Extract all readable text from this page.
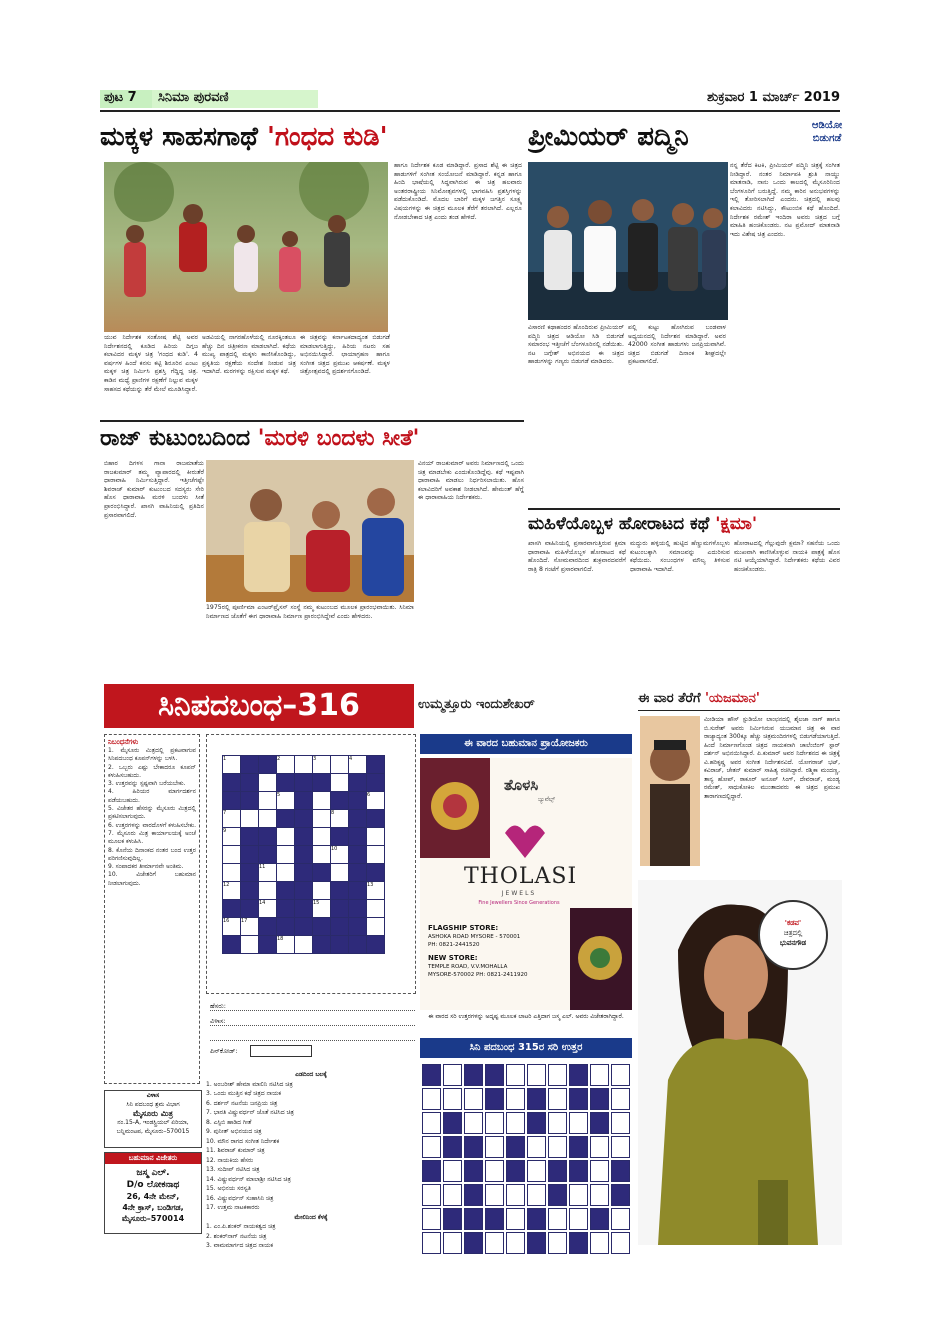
ಪುಟ 7	ಸಿನಿಮಾ ಪುರವಣಿ	ಶುಕ್ರವಾರ 1 ಮಾರ್ಚ್ 2019
ಮಕ್ಕಳ ಸಾಹಸಗಾಥೆ 'ಗಂಧದ ಕುಡಿ'
ಯುವ ನಿರ್ದೇಶಕ ಸಂತೋಷ ಶೆಟ್ಟಿ ಅವರ ನಿರ್ದೇಶನದಲ್ಲಿ ಕೂಡಿದ ಹಿರಿಯ ದಿಗ್ಗಜ ಕಲಾವಿದರ ಮಕ್ಕಳ ಚಿತ್ರ 'ಗಂಧದ ಕುಡಿ'. 4 ವರ್ಷಗಳ ಹಿಂದೆ ಕನಸು ಕಟ್ಟಿ ಶಿರೂರಿನ ಎಂಟು ಮಕ್ಕಳ ಚಿತ್ರ ನಿರ್ಮಿಸಿ ಪ್ರಶಸ್ತಿ ಗೆದ್ದಿದ್ದ ಚಿತ್ರ. ಕಾಡಿನ ಮಧ್ಯೆ ಪ್ರಾಣಿಗಳ ರಕ್ಷಣೆಗೆ ನಿಲ್ಲುವ ಮಕ್ಕಳ ಸಾಹಸದ ಕಥೆಯನ್ನು ತೆರೆ ಮೇಲೆ ಮೂಡಿಸಿದ್ದಾರೆ.
ಅಡವಿಯಲ್ಲಿ ನಾಗರಹೊಳೆಯಲ್ಲಿ ನೂರಕ್ಕಿಂತಲೂ ಹೆಚ್ಚು ದಿನ ಚಿತ್ರೀಕರಣ ಮಾಡಲಾಗಿದೆ. ಕಥೆಯ ಮುಖ್ಯ ಪಾತ್ರದಲ್ಲಿ ಮಕ್ಕಳು ಕಾಣಿಸಿಕೊಂಡಿದ್ದು, ಪ್ರಕೃತಿಯ ರಕ್ಷಣೆಯ ಸಂದೇಶ ನೀಡುವ ಚಿತ್ರ ಇದಾಗಿದೆ. ಮರಗಳನ್ನು ರಕ್ಷಿಸುವ ಮಕ್ಕಳ ಕಥೆ.
ಈ ಚಿತ್ರವನ್ನು ಕರ್ನಾಟಕದಾದ್ಯಂತ ಬಿಡುಗಡೆ ಮಾಡಲಾಗುತ್ತಿದ್ದು, ಹಿರಿಯ ನಟರು ಸಹ ಅಭಿನಯಿಸಿದ್ದಾರೆ. ಛಾಯಾಗ್ರಹಣ ಹಾಗೂ ಸಂಗೀತ ಚಿತ್ರದ ಪ್ರಮುಖ ಆಕರ್ಷಣೆ. ಮಕ್ಕಳ ಚಿತ್ರೋತ್ಸವದಲ್ಲಿ ಪ್ರದರ್ಶನಗೊಂಡಿದೆ.
ಹಾಗೂ ನಿರ್ದೇಶಕ ಕೂಡ ಮಾಡಿದ್ದಾರೆ. ಪ್ರಸಾದ ಶೆಟ್ಟಿ ಈ ಚಿತ್ರದ ಹಾಡುಗಳಿಗೆ ಸಂಗೀತ ಸಂಯೋಜನೆ ಮಾಡಿದ್ದಾರೆ. ಕನ್ನಡ ಹಾಗೂ ಹಿಂದಿ ಭಾಷೆಯಲ್ಲಿ ಸಿದ್ಧವಾಗಿರುವ ಈ ಚಿತ್ರ ಹಲವಾರು ಅಂತರರಾಷ್ಟ್ರೀಯ ಸಿನಿಮೋತ್ಸವಗಳಲ್ಲಿ ಭಾಗವಹಿಸಿ ಪ್ರಶಸ್ತಿಗಳನ್ನು ಪಡೆದುಕೊಂಡಿದೆ. ಮೊದಲ ಬಾರಿಗೆ ಮಕ್ಕಳ ಜಗತ್ತಿನ ಸೂಕ್ಷ್ಮ ವಿಷಯಗಳನ್ನು ಈ ಚಿತ್ರದ ಮೂಲಕ ತೆರೆಗೆ ತರಲಾಗಿದೆ. ಎಲ್ಲರೂ ನೋಡಬೇಕಾದ ಚಿತ್ರ ಎಂದು ತಂಡ ಹೇಳಿದೆ.
ಪ್ರೀಮಿಯರ್ ಪದ್ಮಿನಿ	ಆಡಿಯೋ
ಬಿಡುಗಡೆ
ನನ್ನ ತೆರೆದ ಕಿಟಕಿ, ಪ್ರೀಮಿಯರ್ ಪದ್ಮಿನಿ ಚಿತ್ರಕ್ಕೆ ಸಂಗೀತ ನೀಡಿದ್ದಾರೆ. ನಂತರ ನಿರ್ಮಾಪಕಿ ಶ್ರುತಿ ನಾಯ್ಡು ಮಾತನಾಡಿ, ನಾನು ಒಂದು ಕಾಲದಲ್ಲಿ ಮೈಸೂರಿನಿಂದ ಬೆಂಗಳೂರಿಗೆ ಬರುತ್ತಿದ್ದೆ. ನಮ್ಮ ಕಾರಿನ ಅನುಭವಗಳನ್ನು ಇಲ್ಲಿ ತೋರಿಸಲಾಗಿದೆ ಎಂದರು. ಚಿತ್ರದಲ್ಲಿ ಹಲವು ಕಲಾವಿದರು ನಟಿಸಿದ್ದು, ಕೌಟುಂಬಿಕ ಕಥೆ ಹೊಂದಿದೆ. ನಿರ್ದೇಶಕ ರಮೇಶ್ ಇಂದಿರಾ ಅವರು ಚಿತ್ರದ ಬಗ್ಗೆ ಮಾಹಿತಿ ಹಂಚಿಕೊಂಡರು. ನಟ ಪ್ರಮೋದ್ ಮಾತನಾಡಿ ಇದು ವಿಶೇಷ ಚಿತ್ರ ಎಂದರು.
ವಿಸಾರಣಿ ಕಥಾಹಂದರ ಹೊಂದಿರುವ ಪ್ರೀಮಿಯರ್ ಪದ್ಮಿನಿ ಚಿತ್ರದ ಆಡಿಯೋ ಸಿಡಿ ಬಿಡುಗಡೆ ಸಮಾರಂಭ ಇತ್ತೀಚೆಗೆ ಬೆಂಗಳೂರಿನಲ್ಲಿ ನಡೆಯಿತು. ನಟ ಜಗ್ಗೇಶ್ ಅಭಿನಯದ ಈ ಚಿತ್ರದ ಹಾಡುಗಳನ್ನು ಗಣ್ಯರು ಬಿಡುಗಡೆ ಮಾಡಿದರು.
ಪಲ್ಲಿ ಕುಟ್ಟು ಹೋಗಿರುವ ಬಂಡವಾಳ ಅಧ್ಯಯನದಲ್ಲಿ ನಿರ್ದೇಶನ ಮಾಡಿದ್ದಾರೆ. ಅವರ 42000 ಸಂಗೀತ ಹಾಡುಗಳು ಜನಪ್ರಿಯವಾಗಿವೆ. ಚಿತ್ರದ ಬಿಡುಗಡೆ ದಿನಾಂಕ ಶೀಘ್ರದಲ್ಲೇ ಪ್ರಕಟವಾಗಲಿದೆ.
ರಾಜ್ ಕುಟುಂಬದಿಂದ 'ಮರಳಿ ಬಂದಳು ಸೀತೆ'
ಬಿಹಾರ ದಿಗಳಸ ಗಾನಾ ರಾಜಮಾತೆಯ ರಾಜಕುಮಾರ್ ತಮ್ಮ ವ್ಯಾಪಾರದಲ್ಲಿ ಕೀರುತೆರೆ ಧಾರಾವಾಹಿ ನಿರ್ಮಿಸುತ್ತಿದ್ದಾರೆ. ಇತ್ತೀಚೆಗಷ್ಟೇ ಶಿವರಾಜ್ ಕುಮಾರ್ ಕುಟುಂಬದ ಸದಸ್ಯರು ಸೇರಿ ಹೊಸ ಧಾರಾವಾಹಿ ಮರಳಿ ಬಂದಳು ಸೀತೆ ಪ್ರಾರಂಭಿಸಿದ್ದಾರೆ. ಖಾಸಗಿ ವಾಹಿನಿಯಲ್ಲಿ ಪ್ರತಿದಿನ ಪ್ರಸಾರವಾಗಲಿದೆ.
1975ರಲ್ಲಿ ಪೂರ್ಣಿಮಾ ಎಂಟರ್‌ಪ್ರೈಸಸ್ ಸಂಸ್ಥೆ ನಮ್ಮ ಕುಟುಂಬದ ಮೂಲಕ ಪ್ರಾರಂಭವಾಯಿತು. ಸಿನಿಮಾ ನಿರ್ಮಾಣದ ಜೊತೆಗೆ ಈಗ ಧಾರಾವಾಹಿ ನಿರ್ಮಾಣ ಪ್ರಾರಂಭಿಸಿದ್ದೇವೆ ಎಂದು ಹೇಳಿದರು.
ವಿನಯ್ ರಾಜಕುಮಾರ್ ಅವರು ನಿರ್ಮಾಣದಲ್ಲಿ ಒಂದು ಚಿತ್ರ ಮಾಡಬೇಕು ಎಂದುಕೊಂಡಿದ್ದೆವು. ಕಥೆ ಇಷ್ಟವಾಗಿ ಧಾರಾವಾಹಿ ಮಾಡಲು ನಿರ್ಧರಿಸಲಾಯಿತು. ಹೊಸ ಕಲಾವಿದರಿಗೆ ಅವಕಾಶ ನೀಡಲಾಗಿದೆ. ಹೇಮಂತ್ ಹೆಗ್ಡೆ ಈ ಧಾರಾವಾಹಿಯ ನಿರ್ದೇಶಕರು.
ಮಹಿಳೆಯೊಬ್ಬಳ ಹೋರಾಟದ ಕಥೆ 'ಕ್ಷಮಾ'
ಖಾಸಗಿ ವಾಹಿನಿಯಲ್ಲಿ ಪ್ರಸಾರವಾಗುತ್ತಿರುವ ಕ್ಷಮಾ ಧಾರಾವಾಹಿ ಮಹಿಳೆಯೊಬ್ಬಳ ಹೋರಾಟದ ಕಥೆ ಹೊಂದಿದೆ. ಸೋಮವಾರದಿಂದ ಶುಕ್ರವಾರದವರೆಗೆ ರಾತ್ರಿ 8 ಗಂಟೆಗೆ ಪ್ರಸಾರವಾಗಲಿದೆ.
ಮದ್ದುರು ಹಳ್ಳಿಯಲ್ಲಿ ಹುಟ್ಟಿದ ಹೆಣ್ಣುಮಗಳೊಬ್ಬಳು ಕುಟುಂಬಕ್ಕಾಗಿ ಸಮಾಜವನ್ನು ಎದುರಿಸುವ ಕಥೆಯಿದು. ಸಂಬಂಧಗಳ ಮೌಲ್ಯ ತಿಳಿಸುವ ಧಾರಾವಾಹಿ ಇದಾಗಿದೆ.
ಹೋರಾಟದಲ್ಲಿ ಗೆಲ್ಲುವುದೇ ಕ್ಷಮಾ? ಸಹನೆಯ ಒಂದು ಮುಖವಾಗಿ ಕಾಣಿಸಿಕೊಳ್ಳುವ ನಾಯಕಿ ಪಾತ್ರಕ್ಕೆ ಹೊಸ ನಟಿ ಆಯ್ಕೆಯಾಗಿದ್ದಾರೆ. ನಿರ್ದೇಶಕರು ಕಥೆಯ ವಿವರ ಹಂಚಿಕೊಂಡರು.
ಸಿನಿಪದಬಂಧ–316	ಉಮ್ಮತ್ತೂರು ಇಂದುಶೇಖರ್
ನಿಬಂಧನೆಗಳು
1. ಮೈಸೂರು ಮಿತ್ರದಲ್ಲಿ ಪ್ರಕಟವಾಗುವ ಸಿನಿಪದಬಂಧ ಕೂಪನ್‌ಗಳನ್ನು ಬಳಸಿ.
2. ಒಬ್ಬರು ಎಷ್ಟು ಬೇಕಾದರೂ ಕೂಪನ್ ಕಳುಹಿಸಬಹುದು.
3. ಉತ್ತರವನ್ನು ಸ್ಪಷ್ಟವಾಗಿ ಬರೆಯಬೇಕು.
4. ಹಿರಿಯರ ಮಾರ್ಗದರ್ಶನ ಪಡೆಯಬಹುದು.
5. ವಿಜೇತರ ಹೆಸರನ್ನು ಮೈಸೂರು ಮಿತ್ರದಲ್ಲಿ ಪ್ರಕಟಿಸಲಾಗುವುದು.
6. ಉತ್ತರಗಳನ್ನು ವಾರದೊಳಗೆ ಕಳುಹಿಸಬೇಕು.
7. ಮೈಸೂರು ಮಿತ್ರ ಕಾರ್ಯಾಲಯಕ್ಕೆ ಅಂಚೆ ಮೂಲಕ ಕಳುಹಿಸಿ.
8. ಕೊನೆಯ ದಿನಾಂಕದ ನಂತರ ಬಂದ ಉತ್ತರ ಪರಿಗಣಿಸುವುದಿಲ್ಲ.
9. ಸಂಪಾದಕರ ತೀರ್ಮಾನವೇ ಅಂತಿಮ.
10. ವಿಜೇತರಿಗೆ ಬಹುಮಾನ ನೀಡಲಾಗುವುದು.
ವಿಳಾಸ
ಸಿನಿ ಪದಬಂಧ ಶ್ರಮ ವಿಭಾಗ
ಮೈಸೂರು ಮಿತ್ರ
ನಂ.15-A, ಇಂಡಸ್ಟ್ರಿಯಲ್ ಏರಿಯಾ,
ಬನ್ನಿಮಂಟಪ, ಮೈಸೂರು–570015
ಬಹುಮಾನ ವಿಜೇತರು
ಜಸ್ಮ ಎಲ್.
D/o ಲೋಕನಾಥ
26, 4ನೇ ಮೇನ್,
4ನೇ ಕ್ರಾಸ್, ಬಂಡಿಗಡ,
ಮೈಸೂರು–570014
1			2		3		4	

			5					6
7						8		
9								
						10		
		11						
12								13
		14			15			
16	17							
			18					
ಹೆಸರು:
ವಿಳಾಸ:
ಪಿನ್‌ಕೋಡ್:
ಎಡದಿಂದ ಬಲಕ್ಕೆ
1. ಅಂಬರೀಶ್ ಹೇಮಾ ಮಾಲಿನಿ ನಟಿಸಿದ ಚಿತ್ರ
3. ಒಂದು ಮುತ್ತಿನ ಕಥೆ ಚಿತ್ರದ ನಾಯಕ
6. ದರ್ಶನ್ ನಟನೆಯ ಜನಪ್ರಿಯ ಚಿತ್ರ
7. ಭಾರತಿ ವಿಷ್ಣುವರ್ಧನ್ ಜೊತೆ ನಟಿಸಿದ ಚಿತ್ರ
8. ಎಸ್ಪಿಬಿ ಹಾಡಿದ ಗೀತೆ
9. ಪುನೀತ್ ಅಭಿನಯದ ಚಿತ್ರ
10. ಮೌನ ರಾಗದ ಸಂಗೀತ ನಿರ್ದೇಶಕ
11. ಶಿವರಾಜ್ ಕುಮಾರ್ ಚಿತ್ರ
12. ನಾಯಕಿಯ ಹೆಸರು
13. ಸುದೀಪ್ ನಟಿಸಿದ ಚಿತ್ರ
14. ವಿಷ್ಣುವರ್ಧನ್ ಮಾಲಾಶ್ರೀ ನಟಿಸಿದ ಚಿತ್ರ
15. ಅಭಿನಯ ಸರಸ್ವತಿ
16. ವಿಷ್ಣುವರ್ಧನ್ ಸುಹಾಸಿನಿ ಚಿತ್ರ
17. ಉತ್ತಮ ನಾಟಕಕಾರರು
ಮೇಲಿನಿಂದ ಕೆಳಕ್ಕೆ
1. ಎಂ.ಪಿ.ಶಂಕರ್ ನಾಯಕತ್ವದ ಚಿತ್ರ
2. ಶಂಕರ್‌ನಾಗ್ ನಟನೆಯ ಚಿತ್ರ
3. ವಾಮಮಾರ್ಗದ ಚಿತ್ರದ ನಾಯಕ
ಈ ವಾರದ ಬಹುಮಾನ ಪ್ರಾಯೋಜಕರು
ತೊಳಸಿ
ಜ್ಯುವೆಲ್ಸ್
THOLASI
JEWELS
Fine Jewellers Since Generations
FLAGSHIP STORE:
ASHOKA ROAD MYSORE - 570001
PH: 0821-2441520
NEW STORE:
TEMPLE ROAD, V.V.MOHALLA
MYSORE-570002 PH: 0821-2411920
ಈ ವಾರದ ಸರಿ ಉತ್ತರಗಳನ್ನು ಅದೃಷ್ಟ ಮೂಲಕ ಲಾಟರಿ ಎತ್ತಿದಾಗ ಜಸ್ಮ ಎಲ್. ಅವರು ವಿಜೇತರಾಗಿದ್ದಾರೆ.
ಸಿನಿ ಪದಬಂಧ 315ರ ಸರಿ ಉತ್ತರ

ಈ ವಾರ ತೆರೆಗೆ 'ಯಜಮಾನ'
ಮೀಡಿಯಾ ಹೌಸ್ ಸ್ಟುಡಿಯೋ ಲಾಂಛನದಲ್ಲಿ ಶೈಲಜಾ ನಾಗ್ ಹಾಗೂ ಬಿ.ಸುರೇಶ್ ಅವರು ನಿರ್ಮಿಸಿರುವ ಯಜಮಾನ ಚಿತ್ರ ಈ ವಾರ ರಾಜ್ಯಾದ್ಯಂತ 300ಕ್ಕೂ ಹೆಚ್ಚು ಚಿತ್ರಮಂದಿರಗಳಲ್ಲಿ ಬಿಡುಗಡೆಯಾಗುತ್ತಿದೆ. ಹಿಂದೆ ನಿರ್ಮಾಣಗೊಂಡ ಚಿತ್ರದ ನಾಯಕನಾಗಿ ಚಾಲೆಂಜಿಂಗ್ ಸ್ಟಾರ್ ದರ್ಶನ್ ಅಭಿನಯಿಸಿದ್ದಾರೆ. ಪಿ.ಕುಮಾರ್ ಅವರ ನಿರ್ದೇಶನದ ಈ ಚಿತ್ರಕ್ಕೆ ವಿ.ಹರಿಕೃಷ್ಣ ಅವರ ಸಂಗೀತ ನಿರ್ದೇಶನವಿದೆ. ಯೋಗರಾಜ್ ಭಟ್, ಕವಿರಾಜ್, ಚೇತನ್ ಕುಮಾರ್ ಸಾಹಿತ್ಯ ರಚಿಸಿದ್ದಾರೆ. ರಶ್ಮಿಕಾ ಮಂದಣ್ಣ, ತಾನ್ಯ ಹೋಪ್, ಠಾಕೂರ್ ಅನೂಪ್ ಸಿಂಗ್, ದೇವರಾಜ್, ಮಂಡ್ಯ ರಮೇಶ್, ಸಾಧುಕೋಕಿಲ ಮುಂತಾದವರು ಈ ಚಿತ್ರದ ಪ್ರಮುಖ ತಾರಾಗಣದಲ್ಲಿದ್ದಾರೆ.
'ಕಡವ'
ಚಿತ್ರದಲ್ಲಿ
ಭುವನಗೌಡ
